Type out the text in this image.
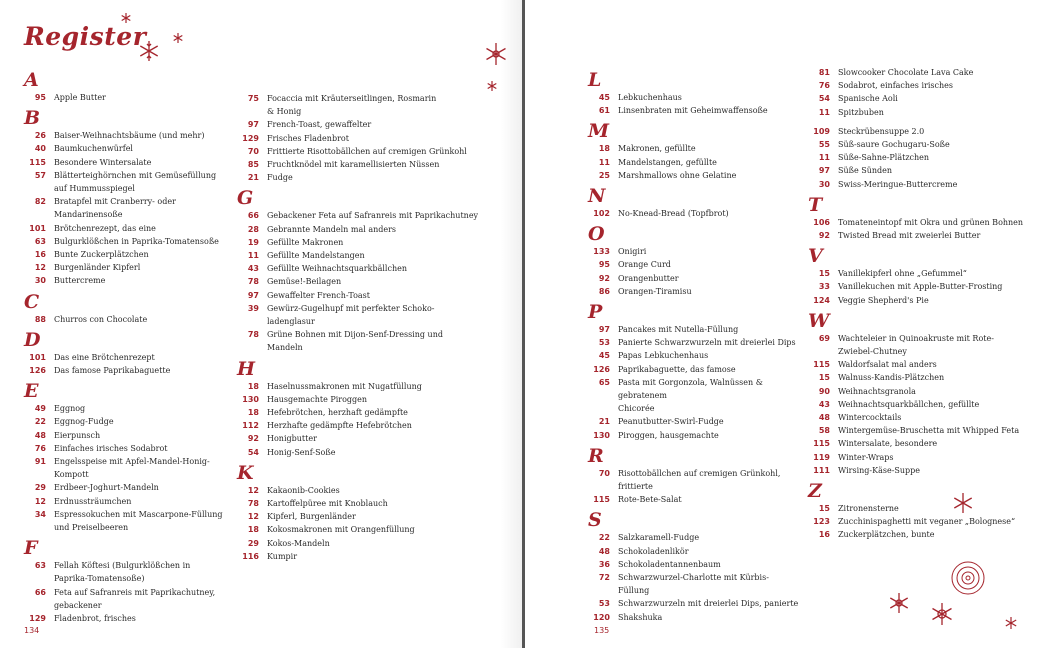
Register
A
95	Apple Butter
B
26	Baiser-Weihnachtsbäume (und mehr)
40	Baumkuchenwürfel
115	Besondere Wintersalate
57	Blätterteighörnchen mit Gemüsefüllung
auf Hummusspiegel
82	Bratapfel mit Cranberry- oder Mandarinensoße
101	Brötchenrezept, das eine
63	Bulgurklößchen in Paprika-Tomatensoße
16	Bunte Zuckerplätzchen
12	Burgenländer Kipferl
30	Buttercreme
C
88	Churros con Chocolate
D
101	Das eine Brötchenrezept
126	Das famose Paprikabaguette
E
49	Eggnog
22	Eggnog-Fudge
48	Eierpunsch
76	Einfaches irisches Sodabrot
91	Engelsspeise mit Apfel-Mandel-Honig-Kompott
29	Erdbeer-Joghurt-Mandeln
12	Erdnussträumchen
34	Espressokuchen mit Mascarpone-Füllung
und Preiselbeeren
F
63	Fellah Köftesi (Bulgurklößchen in
Paprika-Tomatensoße)
66	Feta auf Safranreis mit Paprikachutney,
gebackener
129	Fladenbrot, frisches
75	Focaccia mit Kräuterseitlingen, Rosmarin
& Honig
97	French-Toast, gewaffelter
129	Frisches Fladenbrot
70	Frittierte Risottobällchen auf cremigen Grünkohl
85	Fruchtknödel mit karamellisierten Nüssen
21	Fudge
G
66	Gebackener Feta auf Safranreis mit Paprikachutney
28	Gebrannte Mandeln mal anders
19	Gefüllte Makronen
11	Gefüllte Mandelstangen
43	Gefüllte Weihnachtsquarkbällchen
78	Gemüse!-Beilagen
97	Gewaffelter French-Toast
39	Gewürz-Gugelhupf mit perfekter Schoko-
ladenglasur
78	Grüne Bohnen mit Dijon-Senf-Dressing und
Mandeln
H
18	Haselnussmakronen mit Nugatfüllung
130	Hausgemachte Piroggen
18	Hefebrötchen, herzhaft gedämpfte
112	Herzhafte gedämpfte Hefebrötchen
92	Honigbutter
54	Honig-Senf-Soße
K
12	Kakaonib-Cookies
78	Kartoffelpüree mit Knoblauch
12	Kipferl, Burgenländer
18	Kokosmakronen mit Orangenfüllung
29	Kokos-Mandeln
116	Kumpir
L
45	Lebkuchenhaus
61	Linsenbraten mit Geheimwaffensoße
M
18	Makronen, gefüllte
11	Mandelstangen, gefüllte
25	Marshmallows ohne Gelatine
N
102	No-Knead-Bread (Topfbrot)
O
133	Onigiri
95	Orange Curd
92	Orangenbutter
86	Orangen-Tiramisu
P
97	Pancakes mit Nutella-Füllung
53	Panierte Schwarzwurzeln mit dreierlei Dips
45	Papas Lebkuchenhaus
126	Paprikabaguette, das famose
65	Pasta mit Gorgonzola, Walnüssen & gebratenem
Chicorée
21	Peanutbutter-Swirl-Fudge
130	Piroggen, hausgemachte
R
70	Risottobällchen auf cremigen Grünkohl,
frittierte
115	Rote-Bete-Salat
S
22	Salzkaramell-Fudge
48	Schokoladenlikör
36	Schokoladentannenbaum
72	Schwarzwurzel-Charlotte mit Kürbis-Füllung
53	Schwarzwurzeln mit dreierlei Dips, panierte
120	Shakshuka
81	Slowcooker Chocolate Lava Cake
76	Sodabrot, einfaches irisches
54	Spanische Aoli
11	Spitzbuben
109	Steckrübensuppe 2.0
55	Süß-saure Gochugaru-Soße
11	Süße-Sahne-Plätzchen
97	Süße Sünden
30	Swiss-Meringue-Buttercreme
T
106	Tomateneintopf mit Okra und grünen Bohnen
92	Twisted Bread mit zweierlei Butter
V
15	Vanillekipferl ohne „Gefummel“
33	Vanillekuchen mit Apple-Butter-Frosting
124	Veggie Shepherd's Pie
W
69	Wachteleier in Quinoakruste mit Rote-
Zwiebel-Chutney
115	Waldorfsalat mal anders
15	Walnuss-Kandis-Plätzchen
90	Weihnachtsgranola
43	Weihnachtsquarkbällchen, gefüllte
48	Wintercocktails
58	Wintergemüse-Bruschetta mit Whipped Feta
115	Wintersalate, besondere
119	Winter-Wraps
111	Wirsing-Käse-Suppe
Z
15	Zitronensterne
123	Zucchinispaghetti mit veganer „Bolognese“
16	Zuckerplätzchen, bunte
134	135
